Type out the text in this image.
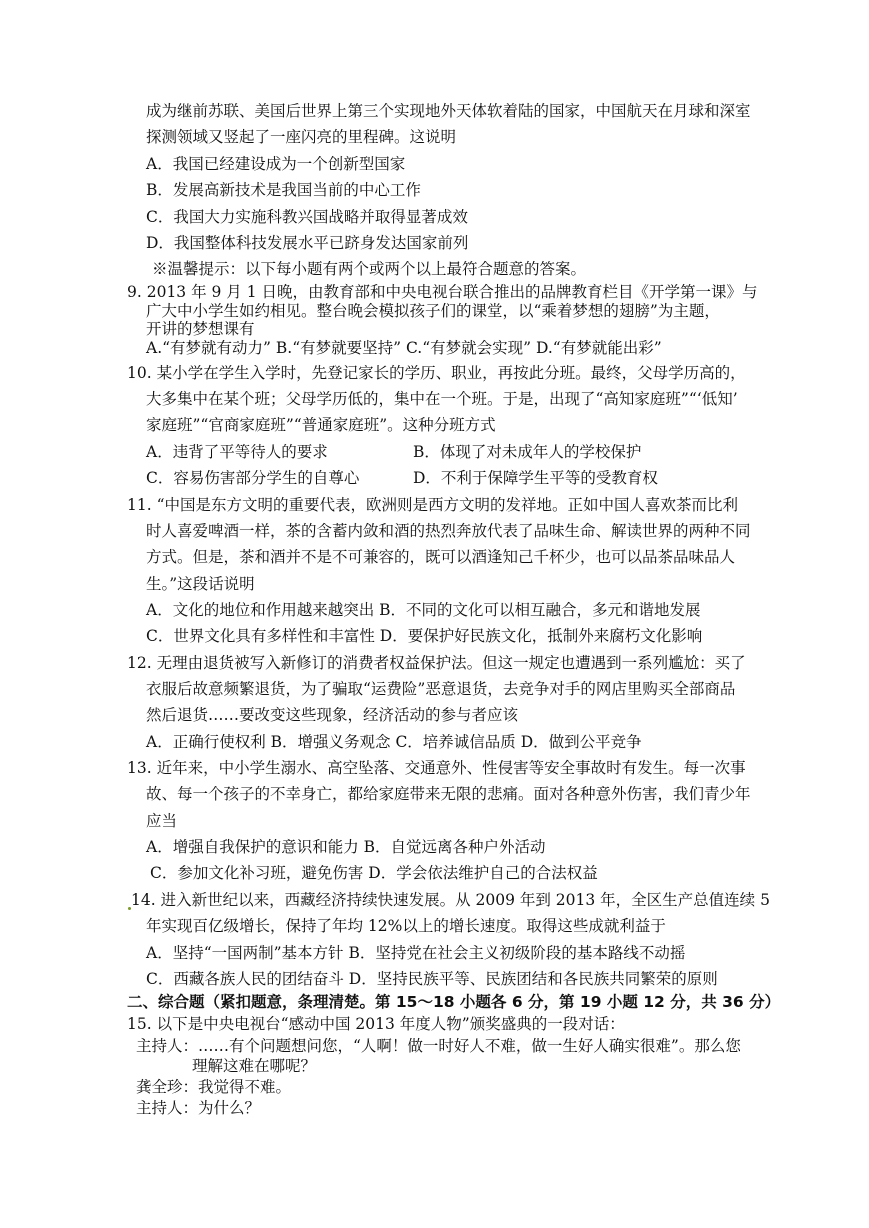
成为继前苏联、美国后世界上第三个实现地外天体软着陆的国家，中国航天在月球和深室
探测领域又竖起了一座闪亮的里程碑。这说明
A．我国已经建设成为一个创新型国家
B．发展高新技术是我国当前的中心工作
C．我国大力实施科教兴国战略并取得显著成效
D．我国整体科技发展水平已跻身发达国家前列
※温馨提示：以下每小题有两个或两个以上最符合题意的答案。
9. 2013 年 9 月 1 日晚，由教育部和中央电视台联合推出的品牌教育栏目《开学第一课》与
广大中小学生如约相见。整台晚会模拟孩子们的课堂，以“乘着梦想的翅膀”为主题，
开讲的梦想课有
A.“有梦就有动力” B.“有梦就要坚持” C.“有梦就会实现” D.“有梦就能出彩”
10. 某小学在学生入学时，先登记家长的学历、职业，再按此分班。最终，父母学历高的，
大多集中在某个班；父母学历低的，集中在一个班。于是，出现了“高知家庭班”“‘低知’
家庭班”“官商家庭班”“普通家庭班”。这种分班方式
A．违背了平等待人的要求	B．体现了对未成年人的学校保护
C．容易伤害部分学生的自尊心	D．不利于保障学生平等的受教育权
11. “中国是东方文明的重要代表，欧洲则是西方文明的发祥地。正如中国人喜欢茶而比利
时人喜爱啤酒一样，茶的含蓄内敛和酒的热烈奔放代表了品味生命、解读世界的两种不同
方式。但是，茶和酒并不是不可兼容的，既可以酒逢知己千杯少，也可以品茶品味品人
生。”这段话说明
A．文化的地位和作用越来越突出 B．不同的文化可以相互融合，多元和谐地发展
C．世界文化具有多样性和丰富性 D．要保护好民族文化，抵制外来腐朽文化影响
12. 无理由退货被写入新修订的消费者权益保护法。但这一规定也遭遇到一系列尴尬：买了
衣服后故意频繁退货，为了骗取“运费险”恶意退货，去竞争对手的网店里购买全部商品
然后退货……要改变这些现象，经济活动的参与者应该
A．正确行使权利 B．增强义务观念 C．培养诚信品质 D．做到公平竞争
13. 近年来，中小学生溺水、高空坠落、交通意外、性侵害等安全事故时有发生。每一次事
故、每一个孩子的不幸身亡，都给家庭带来无限的悲痛。面对各种意外伤害，我们青少年
应当
A．增强自我保护的意识和能力 B．自觉远离各种户外活动
C．参加文化补习班，避免伤害 D．学会依法维护自己的合法权益
14. 进入新世纪以来，西藏经济持续快速发展。从 2009 年到 2013 年，全区生产总值连续 5
年实现百亿级增长，保持了年均 12%以上的增长速度。取得这些成就利益于
A．坚持“一国两制”基本方针 B．坚持党在社会主义初级阶段的基本路线不动摇
C．西藏各族人民的团结奋斗 D．坚持民族平等、民族团结和各民族共同繁荣的原则
二、综合题（紧扣题意，条理清楚。第 15～18 小题各 6 分，第 19 小题 12 分，共 36 分）
15. 以下是中央电视台“感动中国 2013 年度人物”颁奖盛典的一段对话：
主持人：……有个问题想问您，“人啊！做一时好人不难，做一生好人确实很难”。那么您
理解这难在哪呢？
龚全珍：我觉得不难。
主持人：为什么？
